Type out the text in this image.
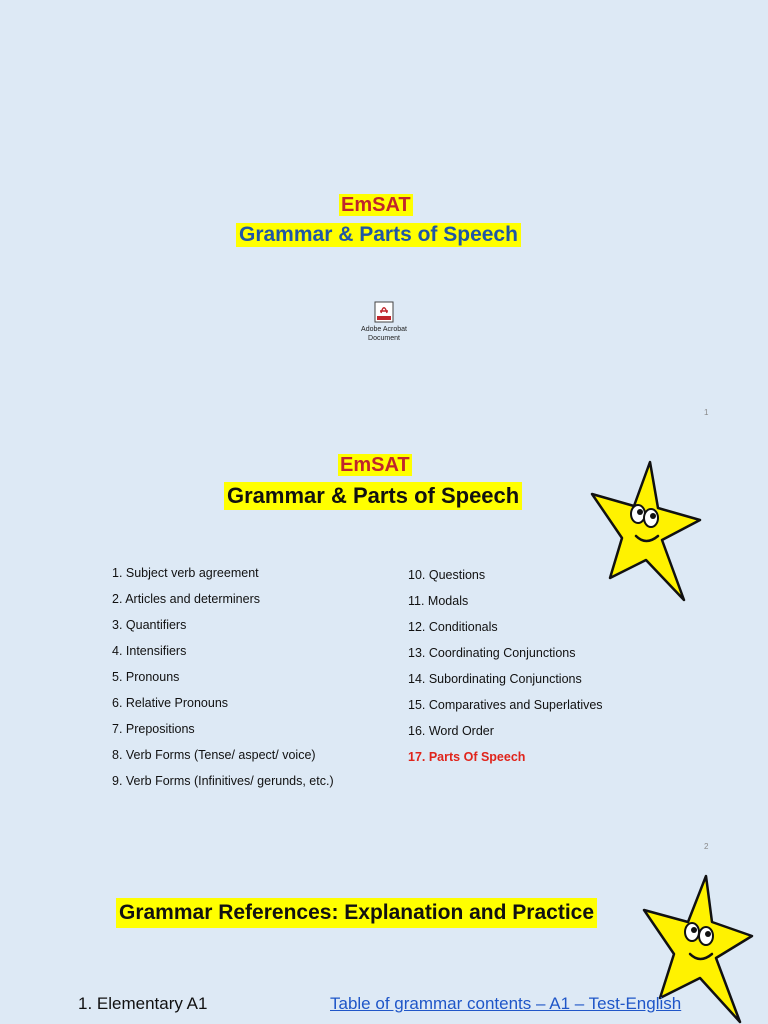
EmSAT
Grammar & Parts of Speech
Adobe Acrobat
Document
1
EmSAT
Grammar & Parts of Speech
1. Subject verb agreement
2. Articles and determiners
3. Quantifiers
4. Intensifiers
5. Pronouns
6. Relative Pronouns
7. Prepositions
8. Verb Forms (Tense/ aspect/ voice)
9. Verb Forms (Infinitives/ gerunds, etc.)
10. Questions
11. Modals
12. Conditionals
13. Coordinating Conjunctions
14. Subordinating Conjunctions
15. Comparatives and Superlatives
16. Word Order
17. Parts Of Speech
2
Grammar References: Explanation and Practice
1. Elementary A1	Table of grammar contents – A1 – Test-English
